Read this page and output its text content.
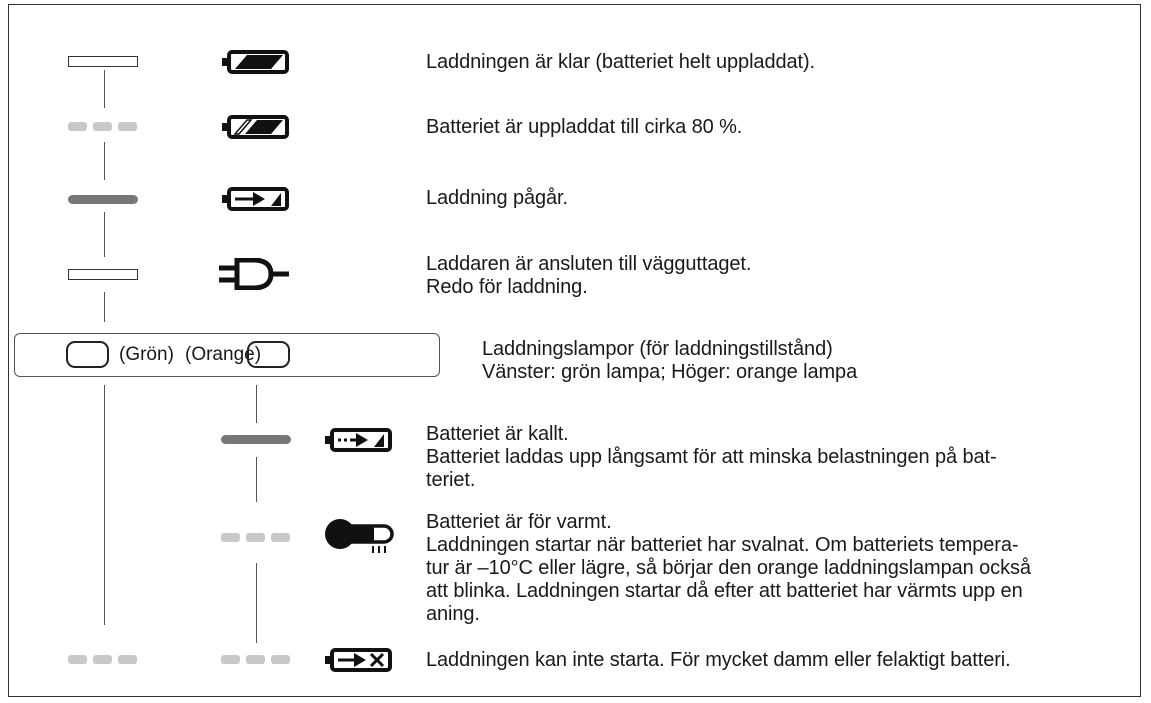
Laddningen är klar (batteriet helt uppladdat).
Batteriet är uppladdat till cirka 80 %.
Laddning pågår.
Laddaren är ansluten till vägguttaget.
Redo för laddning.
(Grön) (Orange)	Laddningslampor (för laddningstillstånd)
Vänster: grön lampa; Höger: orange lampa
Batteriet är kallt.
Batteriet laddas upp långsamt för att minska belastningen på bat-
teriet.
Batteriet är för varmt.
Laddningen startar när batteriet har svalnat. Om batteriets tempera-
tur är –10°C eller lägre, så börjar den orange laddningslampan också
att blinka. Laddningen startar då efter att batteriet har värmts upp en
aning.
Laddningen kan inte starta. För mycket damm eller felaktigt batteri.
